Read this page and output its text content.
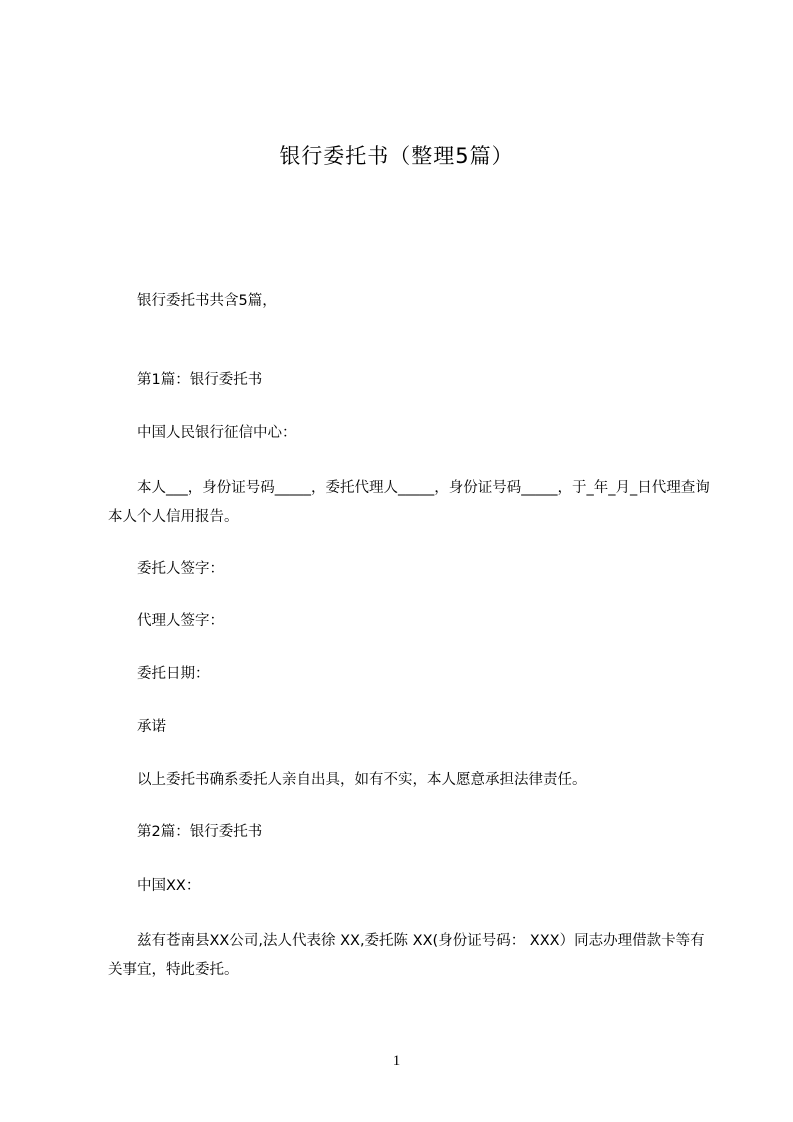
银行委托书（整理5篇）
银行委托书共含5篇，
第1篇：银行委托书
中国人民银行征信中心：
本人___，身份证号码_____，委托代理人_____，身份证号码_____，于_年_月_日代理查询本人个人信用报告。
委托人签字：
代理人签字：
委托日期：
承诺
以上委托书确系委托人亲自出具，如有不实，本人愿意承担法律责任。
第2篇：银行委托书
中国XX：
兹有苍南县XX公司,法人代表徐 XX,委托陈 XX(身份证号码： XXX）同志办理借款卡等有关事宜，特此委托。
1
